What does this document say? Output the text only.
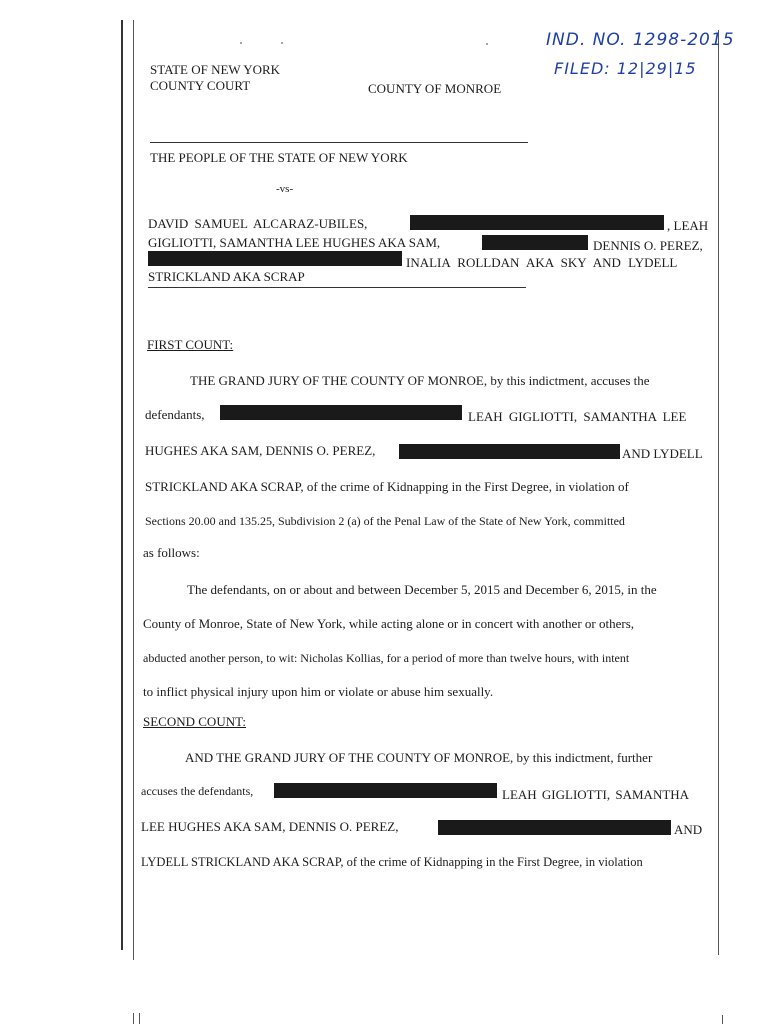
IND. NO. 1298-2015
FILED: 12|29|15
STATE OF NEW YORK
COUNTY COURT	COUNTY OF MONROE
THE PEOPLE OF THE STATE OF NEW YORK
-vs-
DAVID SAMUEL ALCARAZ-UBILES,	, LEAH
GIGLIOTTI, SAMANTHA LEE HUGHES AKA SAM,	DENNIS O. PEREZ,
INALIA ROLLDAN AKA SKY AND LYDELL
STRICKLAND AKA SCRAP
FIRST COUNT:
THE GRAND JURY OF THE COUNTY OF MONROE, by this indictment, accuses the
defendants,	LEAH GIGLIOTTI, SAMANTHA LEE
HUGHES AKA SAM, DENNIS O. PEREZ,	AND LYDELL
STRICKLAND AKA SCRAP, of the crime of Kidnapping in the First Degree, in violation of
Sections 20.00 and 135.25, Subdivision 2 (a) of the Penal Law of the State of New York, committed
as follows:
The defendants, on or about and between December 5, 2015 and December 6, 2015, in the
County of Monroe, State of New York, while acting alone or in concert with another or others,
abducted another person, to wit: Nicholas Kollias, for a period of more than twelve hours, with intent
to inflict physical injury upon him or violate or abuse him sexually.
SECOND COUNT:
AND THE GRAND JURY OF THE COUNTY OF MONROE, by this indictment, further
accuses the defendants,	LEAH GIGLIOTTI, SAMANTHA
LEE HUGHES AKA SAM, DENNIS O. PEREZ,	AND
LYDELL STRICKLAND AKA SCRAP, of the crime of Kidnapping in the First Degree, in violation
